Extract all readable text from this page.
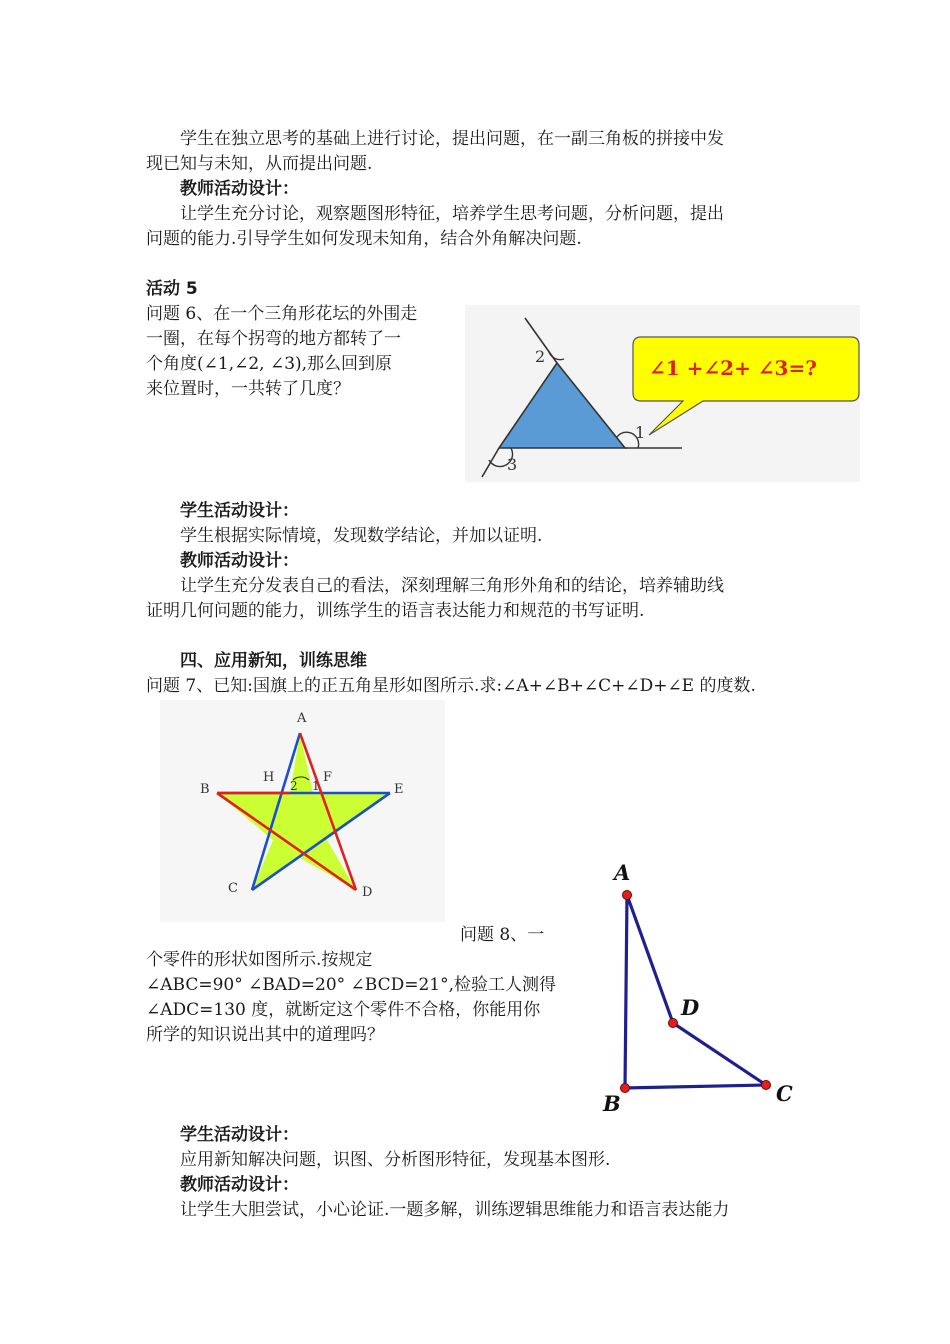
学生在独立思考的基础上进行讨论，提出问题，在一副三角板的拼接中发
现已知与未知，从而提出问题.
教师活动设计：
让学生充分讨论，观察题图形特征，培养学生思考问题，分析问题，提出
问题的能力.引导学生如何发现未知角，结合外角解决问题.
活动 5
问题 6、在一个三角形花坛的外围走
一圈，在每个拐弯的地方都转了一
个角度(∠1,∠2, ∠3),那么回到原
来位置时，一共转了几度？
2
1
3
∠1 +∠2+ ∠3=?
学生活动设计：
学生根据实际情境，发现数学结论，并加以证明.
教师活动设计：
让学生充分发表自己的看法，深刻理解三角形外角和的结论，培养辅助线
证明几何问题的能力，训练学生的语言表达能力和规范的书写证明.
四、应用新知，训练思维
问题 7、已知:国旗上的正五角星形如图所示.求:∠A+∠B+∠C+∠D+∠E 的度数.
A
B
C	D
E
H	F
2 1
问题 8、一
个零件的形状如图所示.按规定
∠ABC=90° ∠BAD=20° ∠BCD=21°,检验工人测得
∠ADC=130 度，就断定这个零件不合格，你能用你
所学的知识说出其中的道理吗？
A
B	C
D
学生活动设计：
应用新知解决问题，识图、分析图形特征，发现基本图形.
教师活动设计：
让学生大胆尝试，小心论证.一题多解，训练逻辑思维能力和语言表达能力
